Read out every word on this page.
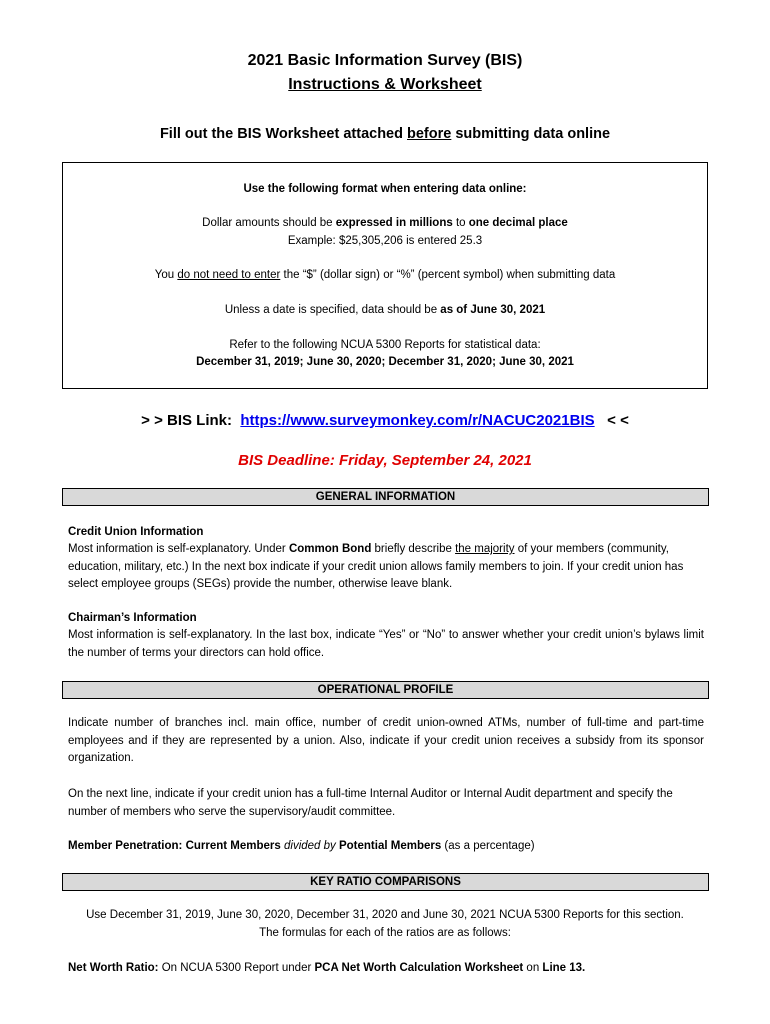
2021 Basic Information Survey (BIS)
Instructions & Worksheet
Fill out the BIS Worksheet attached before submitting data online
Use the following format when entering data online:
Dollar amounts should be expressed in millions to one decimal place
Example: $25,305,206 is entered 25.3
You do not need to enter the “$” (dollar sign) or “%” (percent symbol) when submitting data
Unless a date is specified, data should be as of June 30, 2021
Refer to the following NCUA 5300 Reports for statistical data:
December 31, 2019; June 30, 2020; December 31, 2020; June 30, 2021
> > BIS Link: https://www.surveymonkey.com/r/NACUC2021BIS < <
BIS Deadline: Friday, September 24, 2021
GENERAL INFORMATION
Credit Union Information
Most information is self-explanatory. Under Common Bond briefly describe the majority of your members (community, education, military, etc.) In the next box indicate if your credit union allows family members to join. If your credit union has select employee groups (SEGs) provide the number, otherwise leave blank.
Chairman’s Information
Most information is self-explanatory. In the last box, indicate “Yes” or “No” to answer whether your credit union’s bylaws limit the number of terms your directors can hold office.
OPERATIONAL PROFILE
Indicate number of branches incl. main office, number of credit union-owned ATMs, number of full-time and part-time employees and if they are represented by a union. Also, indicate if your credit union receives a subsidy from its sponsor organization.
On the next line, indicate if your credit union has a full-time Internal Auditor or Internal Audit department and specify the number of members who serve the supervisory/audit committee.
Member Penetration: Current Members divided by Potential Members (as a percentage)
KEY RATIO COMPARISONS
Use December 31, 2019, June 30, 2020, December 31, 2020 and June 30, 2021 NCUA 5300 Reports for this section. The formulas for each of the ratios are as follows:
Net Worth Ratio: On NCUA 5300 Report under PCA Net Worth Calculation Worksheet on Line 13.
